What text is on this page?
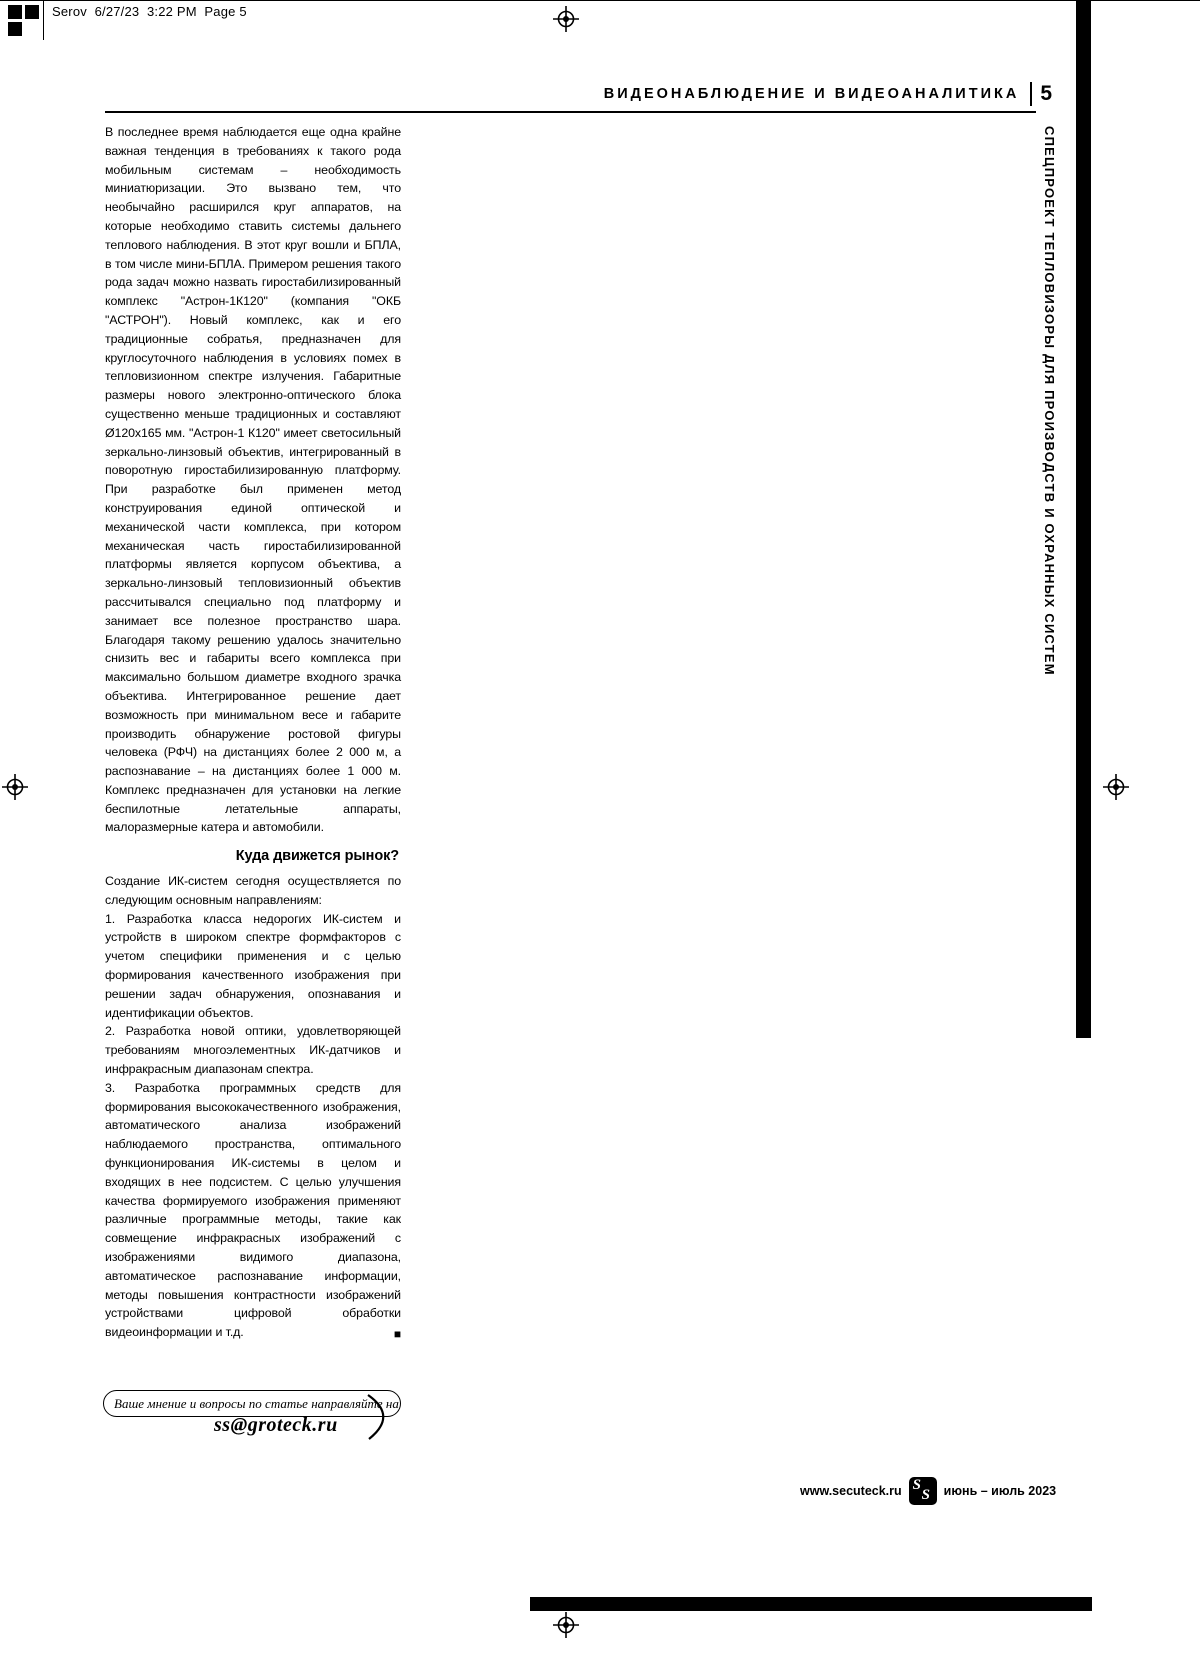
Serov  6/27/23  3:22 PM  Page 5
ВИДЕОНАБЛЮДЕНИЕ И ВИДЕОАНАЛИТИКА 5
СПЕЦПРОЕКТ ТЕПЛОВИЗОРЫ ДЛЯ ПРОИЗВОДСТВ И ОХРАННЫХ СИСТЕМ

В последнее время наблюдается еще одна крайне важная тенденция в требованиях к такого рода мобильным системам – необходимость миниатюризации. Это вызвано тем, что необычайно расширился круг аппаратов, на которые необходимо ставить системы дальнего теплового наблюдения. В этот круг вошли и БПЛА, в том числе мини-БПЛА. Примером решения такого рода задач можно назвать гиростабилизированный комплекс "Астрон-1К120" (компания "ОКБ "АСТРОН"). Новый комплекс, как и его традиционные собратья, предназначен для круглосуточного наблюдения в условиях помех в тепловизионном спектре излучения. Габаритные размеры нового электронно-оптического блока существенно меньше традиционных и составляют Ø120х165 мм. "Астрон-1 К120" имеет светосильный зеркально-линзовый объектив, интегрированный в поворотную гиростабилизированную платформу. При разработке был применен метод конструирования единой оптической и механической части комплекса, при котором механическая часть гиростабилизированной платформы является корпусом объектива, а зеркально-линзовый тепловизионный объектив рассчитывался специально под платформу и занимает все полезное пространство шара. Благодаря такому решению удалось значительно снизить вес и габариты всего комплекса при максимально большом диаметре входного зрачка объектива. Интегрированное решение дает возможность при минимальном весе и габарите производить обнаружение ростовой фигуры человека (РФЧ) на дистанциях более 2 000 м, а распознавание – на дистанциях более 1 000 м. Комплекс предназначен для установки на легкие беспилотные летательные аппараты, малоразмерные катера и автомобили.

Куда движется рынок?

Создание ИК-систем сегодня осуществляется по следующим основным направлениям:

1. Разработка класса недорогих ИК-систем и устройств в широком спектре формфакторов с учетом специфики применения и с целью формирования качественного изображения при решении задач обнаружения, опознавания и идентификации объектов.

2. Разработка новой оптики, удовлетворяющей требованиям многоэлементных ИК-датчиков и инфракрасным диапазонам спектра.

3. Разработка программных средств для формирования высококачественного изображения, автоматического анализа изображений наблюдаемого пространства, оптимального функционирования ИК-системы в целом и входящих в нее подсистем. С целью улучшения качества формируемого изображения применяют различные программные методы, такие как совмещение инфракрасных изображений с изображениями видимого диапазона, автоматическое распознавание информации, методы повышения контрастности изображений устройствами цифровой обработки видеоинформации и т.д.	■
Ваше мнение и вопросы по статье направляйте на
ss@groteck.ru
www.secuteck.ru S
S июнь – июль 2023
